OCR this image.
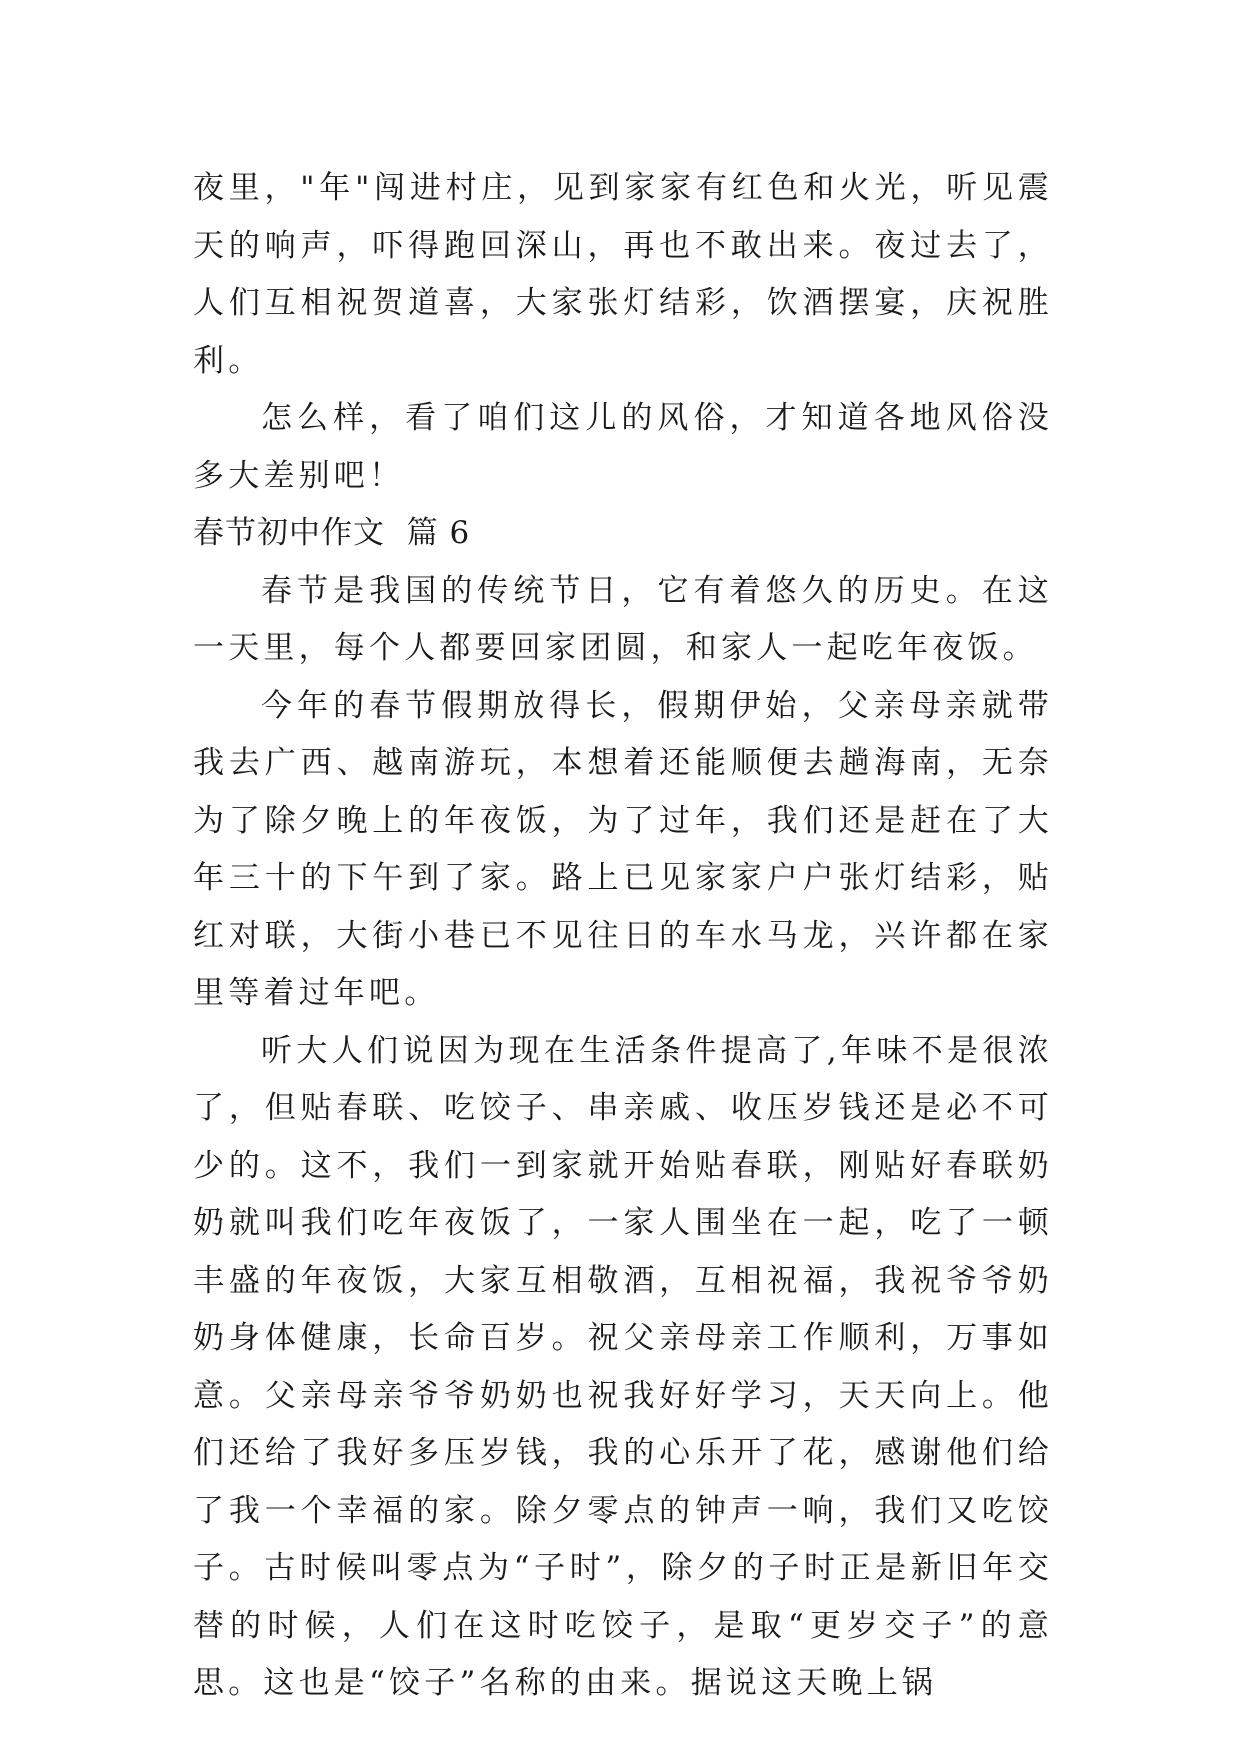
夜里，"年"闯进村庄，见到家家有红色和火光，听见震天的响声，吓得跑回深山，再也不敢出来。夜过去了，人们互相祝贺道喜，大家张灯结彩，饮酒摆宴，庆祝胜利。

怎么样，看了咱们这儿的风俗，才知道各地风俗没多大差别吧！

春节初中作文  篇 6

春节是我国的传统节日，它有着悠久的历史。在这一天里，每个人都要回家团圆，和家人一起吃年夜饭。

今年的春节假期放得长，假期伊始，父亲母亲就带我去广西、越南游玩，本想着还能顺便去趟海南，无奈为了除夕晚上的年夜饭，为了过年，我们还是赶在了大年三十的下午到了家。路上已见家家户户张灯结彩，贴红对联，大街小巷已不见往日的车水马龙，兴许都在家里等着过年吧。

听大人们说因为现在生活条件提高了,年味不是很浓了，但贴春联、吃饺子、串亲戚、收压岁钱还是必不可少的。这不，我们一到家就开始贴春联，刚贴好春联奶奶就叫我们吃年夜饭了，一家人围坐在一起，吃了一顿丰盛的年夜饭，大家互相敬酒，互相祝福，我祝爷爷奶奶身体健康，长命百岁。祝父亲母亲工作顺利，万事如意。父亲母亲爷爷奶奶也祝我好好学习，天天向上。他们还给了我好多压岁钱，我的心乐开了花，感谢他们给了我一个幸福的家。除夕零点的钟声一响，我们又吃饺子。古时候叫零点为“子时”，除夕的子时正是新旧年交替的时候，人们在这时吃饺子，是取“更岁交子”的意思。这也是“饺子”名称的由来。据说这天晚上锅
